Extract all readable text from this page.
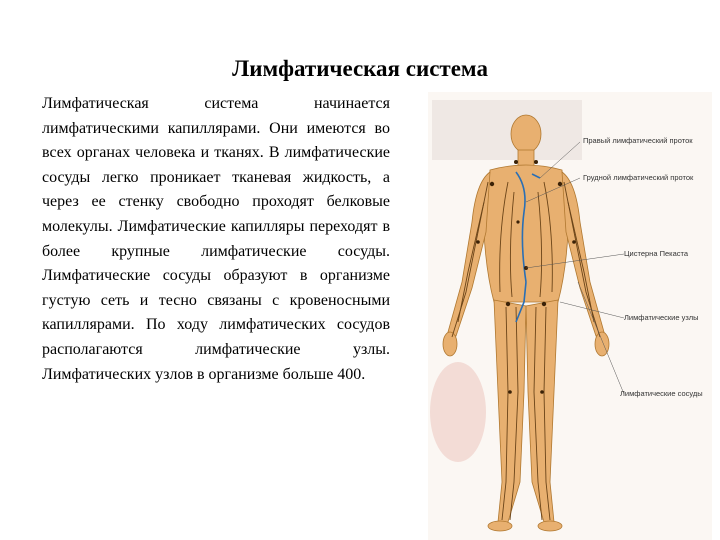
Лимфатическая система
Лимфатическая система начинается лимфатическими капиллярами. Они имеются во всех органах человека и тканях. В лимфатические сосуды легко проникает тканевая жидкость, а через ее стенку свободно проходят белковые молекулы. Лимфатические капилляры переходят в более крупные лимфатические сосуды. Лимфатические сосуды образуют в организме густую сеть и тесно связаны с кровеносными капиллярами. По ходу лимфатических сосудов располагаются лимфатические узлы. Лимфатических узлов в организме больше 400.
Правый лимфатический проток
Грудной лимфатический проток
Цистерна Пекаста
Лимфатические узлы
Лимфатические сосуды
